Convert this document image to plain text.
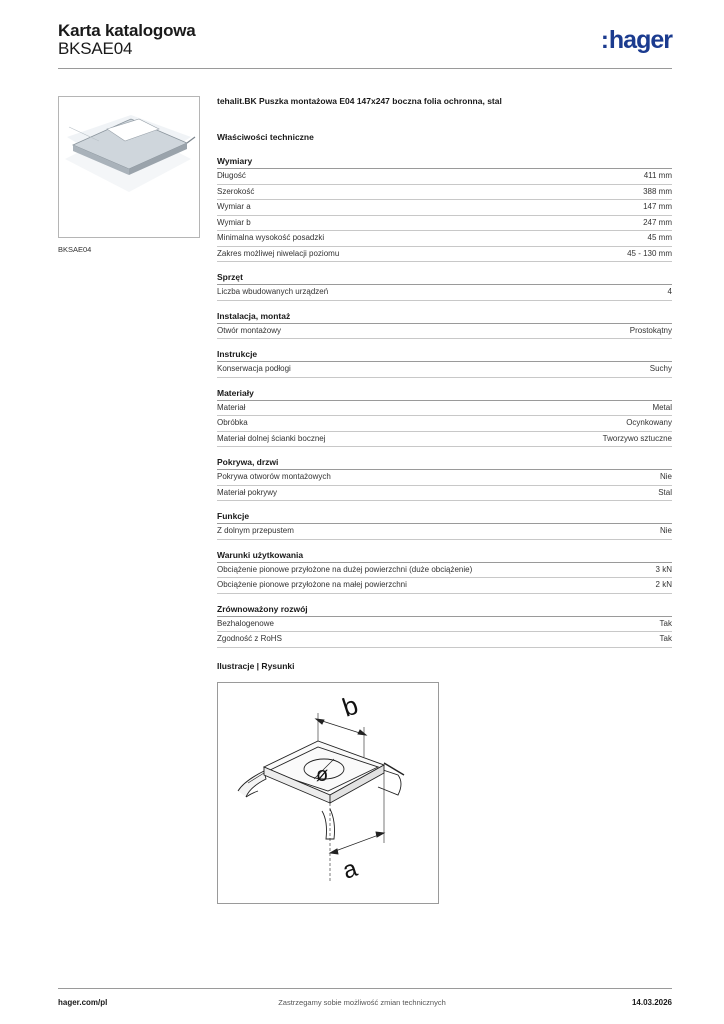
Karta katalogowa
BKSAE04	:hager
BKSAE04
tehalit.BK Puszka montażowa E04 147x247 boczna folia ochronna, stal
Właściwości techniczne
Wymiary
Długość	411 mm
Szerokość	388 mm
Wymiar a	147 mm
Wymiar b	247 mm
Minimalna wysokość posadzki	45 mm
Zakres możliwej niwelacji poziomu	45 - 130 mm
Sprzęt
Liczba wbudowanych urządzeń	4
Instalacja, montaż
Otwór montażowy	Prostokątny
Instrukcje
Konserwacja podłogi	Suchy
Materiały
Materiał	Metal
Obróbka	Ocynkowany
Materiał dolnej ścianki bocznej	Tworzywo sztuczne
Pokrywa, drzwi
Pokrywa otworów montażowych	Nie
Materiał pokrywy	Stal
Funkcje
Z dolnym przepustem	Nie
Warunki użytkowania
Obciążenie pionowe przyłożone na dużej powierzchni (duże obciążenie)	3 kN
Obciążenie pionowe przyłożone na małej powierzchni	2 kN
Zrównoważony rozwój
Bezhalogenowe	Tak
Zgodność z RoHS	Tak
Ilustracje | Rysunki
b
a
ø
hager.com/pl	Zastrzegamy sobie możliwość zmian technicznych	14.03.2026
